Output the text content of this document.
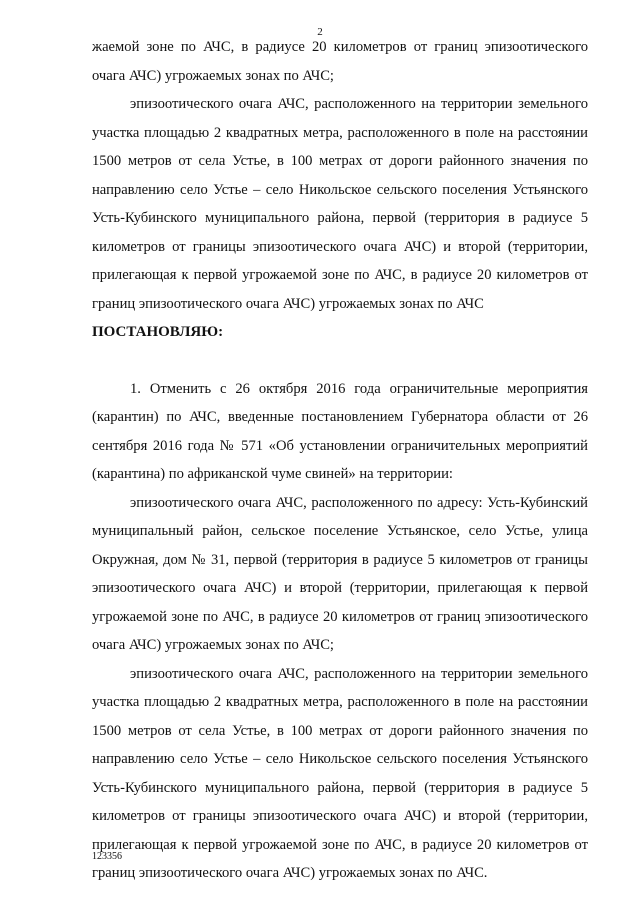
2

жаемой зоне по АЧС, в радиусе 20 километров от границ эпизоотического очага АЧС) угрожаемых зонах по АЧС;

эпизоотического очага АЧС, расположенного на территории земельного участка площадью 2 квадратных метра, расположенного в поле на расстоянии 1500 метров от села Устье, в 100 метрах от дороги районного значения по направлению село Устье – село Никольское сельского поселения Устьянского Усть-Кубинского муниципального района, первой (территория в радиусе 5 километров от границы эпизоотического очага АЧС) и второй (территории, прилегающая к первой угрожаемой зоне по АЧС, в радиусе 20 километров от границ эпизоотического очага АЧС) угрожаемых зонах по АЧС

ПОСТАНОВЛЯЮ:

1. Отменить с 26 октября 2016 года ограничительные мероприятия (карантин) по АЧС, введенные постановлением Губернатора области от 26 сентября 2016 года № 571 «Об установлении ограничительных мероприятий (карантина) по африканской чуме свиней» на территории:

эпизоотического очага АЧС, расположенного по адресу: Усть-Кубинский муниципальный район, сельское поселение Устьянское, село Устье, улица Окружная, дом № 31, первой (территория в радиусе 5 километров от границы эпизоотического очага АЧС) и второй (территории, прилегающая к первой угрожаемой зоне по АЧС, в радиусе 20 километров от границ эпизоотического очага АЧС) угрожаемых зонах по АЧС;

эпизоотического очага АЧС, расположенного на территории земельного участка площадью 2 квадратных метра, расположенного в поле на расстоянии 1500 метров от села Устье, в 100 метрах от дороги районного значения по направлению село Устье – село Никольское сельского поселения Устьянского Усть-Кубинского муниципального района, первой (территория в радиусе 5 километров от границы эпизоотического очага АЧС) и второй (территории, прилегающая к первой угрожаемой зоне по АЧС, в радиусе 20 километров от границ эпизоотического очага АЧС) угрожаемых зонах по АЧС.

123356
